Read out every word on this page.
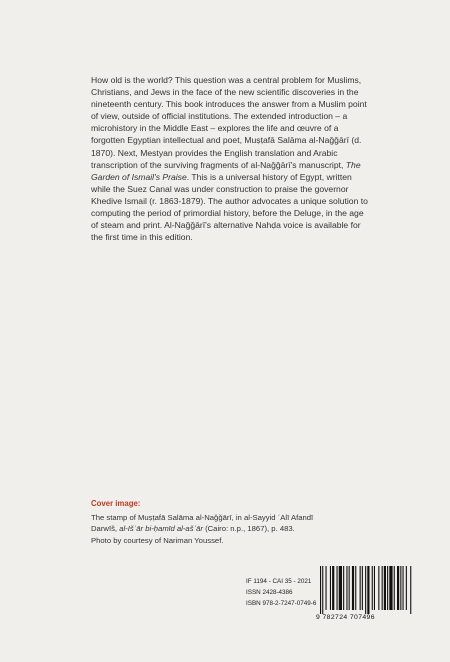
How old is the world? This question was a central problem for Muslims, Christians, and Jews in the face of the new scientific discoveries in the nineteenth century. This book introduces the answer from a Muslim point of view, outside of official institutions. The extended introduction – a microhistory in the Middle East – explores the life and œuvre of a forgotten Egyptian intellectual and poet, Muṣṭafā Salāma al-Naǧǧārī (d. 1870). Next, Mestyan provides the English translation and Arabic transcription of the surviving fragments of al-Naǧǧārī's manuscript, The Garden of Ismail's Praise. This is a universal history of Egypt, written while the Suez Canal was under construction to praise the governor Khedive Ismail (r. 1863-1879). The author advocates a unique solution to computing the period of primordial history, before the Deluge, in the age of steam and print. Al-Naǧǧārī's alternative Nahḍa voice is available for the first time in this edition.

Cover image:

The stamp of Muṣṭafā Salāma al-Naǧǧārī, in al-Sayyid ʿAlī Afandī

Darwīš, al-Išʿār bi-ḥamīd al-ašʿār (Cairo: n.p., 1867), p. 483.

Photo by courtesy of Nariman Youssef.

IF 1194 - CAI 35 - 2021
ISSN 2428-4386
ISBN 978-2-7247-0749-6
9 782724 707496
